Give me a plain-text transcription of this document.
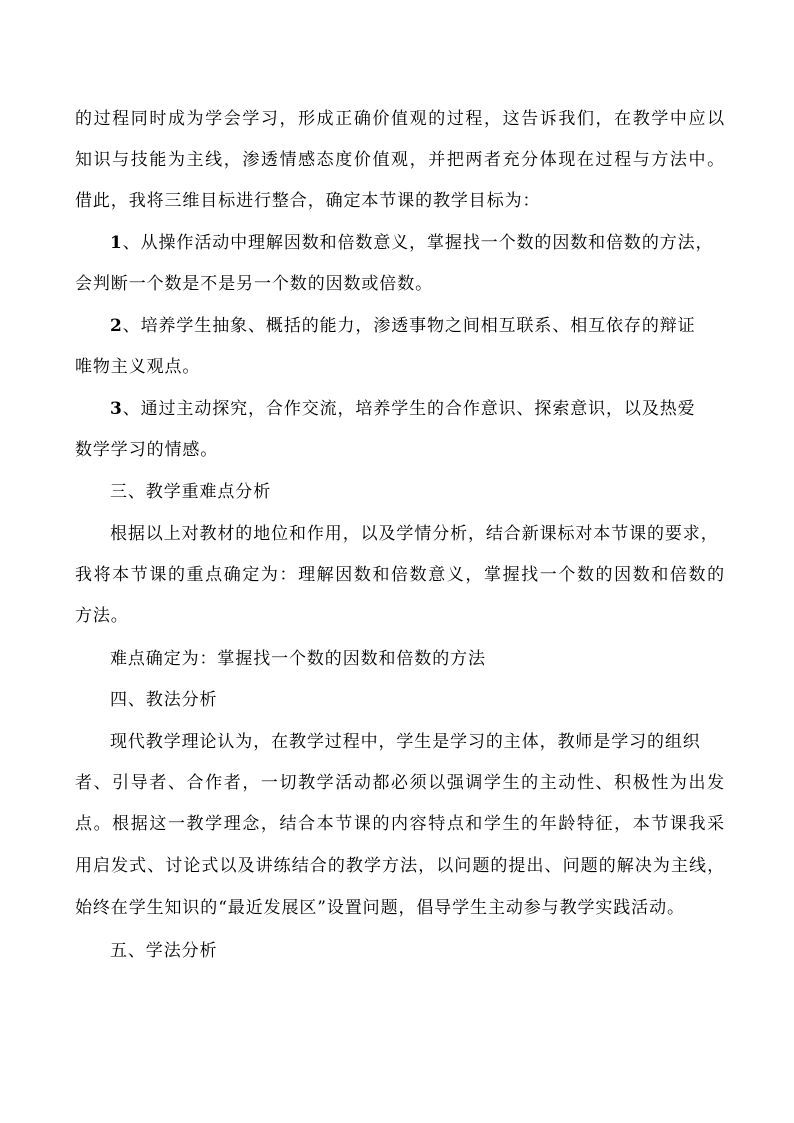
的过程同时成为学会学习，形成正确价值观的过程，这告诉我们，在教学中应以
知识与技能为主线，渗透情感态度价值观，并把两者充分体现在过程与方法中。
借此，我将三维目标进行整合，确定本节课的教学目标为：
1、从操作活动中理解因数和倍数意义，掌握找一个数的因数和倍数的方法，
会判断一个数是不是另一个数的因数或倍数。
2、培养学生抽象、概括的能力，渗透事物之间相互联系、相互依存的辩证
唯物主义观点。
3、通过主动探究，合作交流，培养学生的合作意识、探索意识，以及热爱
数学学习的情感。
三、教学重难点分析
根据以上对教材的地位和作用，以及学情分析，结合新课标对本节课的要求，
我将本节课的重点确定为：理解因数和倍数意义，掌握找一个数的因数和倍数的
方法。
难点确定为：掌握找一个数的因数和倍数的方法
四、教法分析
现代教学理论认为，在教学过程中，学生是学习的主体，教师是学习的组织
者、引导者、合作者，一切教学活动都必须以强调学生的主动性、积极性为出发
点。根据这一教学理念，结合本节课的内容特点和学生的年龄特征，本节课我采
用启发式、讨论式以及讲练结合的教学方法，以问题的提出、问题的解决为主线，
始终在学生知识的“最近发展区”设置问题，倡导学生主动参与教学实践活动。
五、学法分析
